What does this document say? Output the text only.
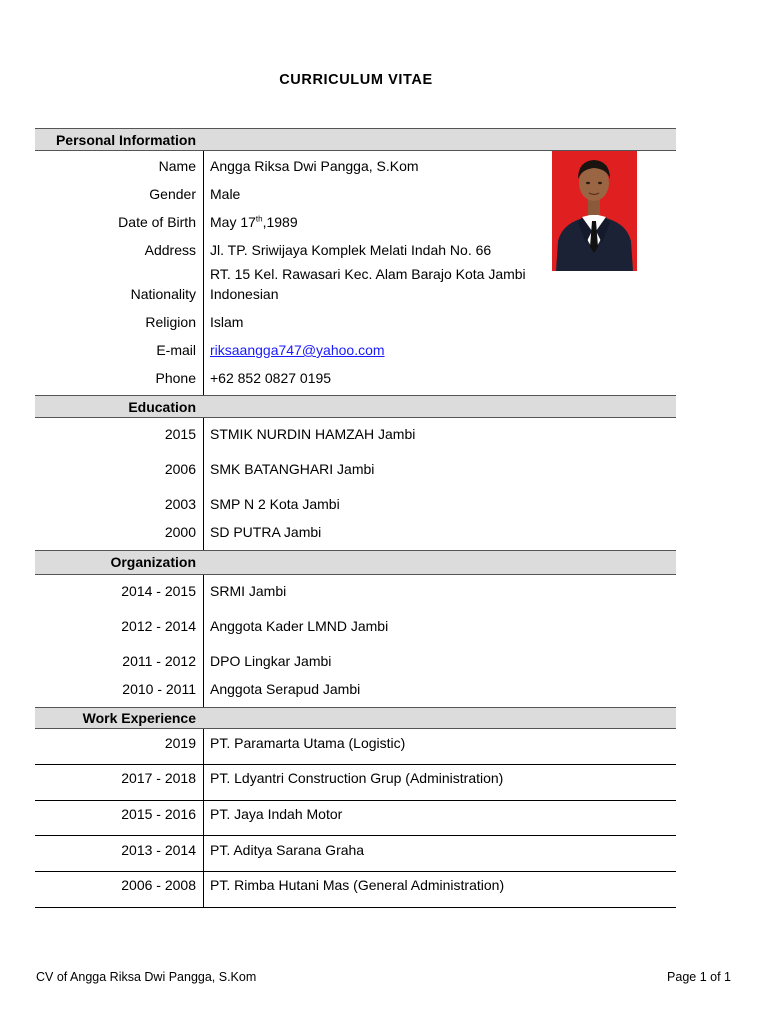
CURRICULUM VITAE
Personal Information
Name Angga Riksa Dwi Pangga, S.Kom
Gender Male
Date of Birth May 17th,1989
Address Jl. TP. Sriwijaya Komplek Melati Indah No. 66
RT. 15 Kel. Rawasari Kec. Alam Barajo Kota Jambi
Nationality Indonesian
Religion Islam
E-mail riksaangga747@yahoo.com
Phone +62 852 0827 0195
Education
2015 STMIK NURDIN HAMZAH Jambi
2006 SMK BATANGHARI Jambi
2003 SMP N 2 Kota Jambi
2000 SD PUTRA Jambi
Organization
2014 - 2015 SRMI Jambi
2012 - 2014 Anggota Kader LMND Jambi
2011 - 2012 DPO Lingkar Jambi
2010 - 2011 Anggota Serapud Jambi
Work Experience
2019 PT. Paramarta Utama (Logistic)
2017 - 2018 PT. Ldyantri Construction Grup (Administration)
2015 - 2016 PT. Jaya Indah Motor
2013 - 2014 PT. Aditya Sarana Graha
2006 - 2008 PT. Rimba Hutani Mas (General Administration)
CV of Angga Riksa Dwi Pangga, S.Kom	Page 1 of 1
